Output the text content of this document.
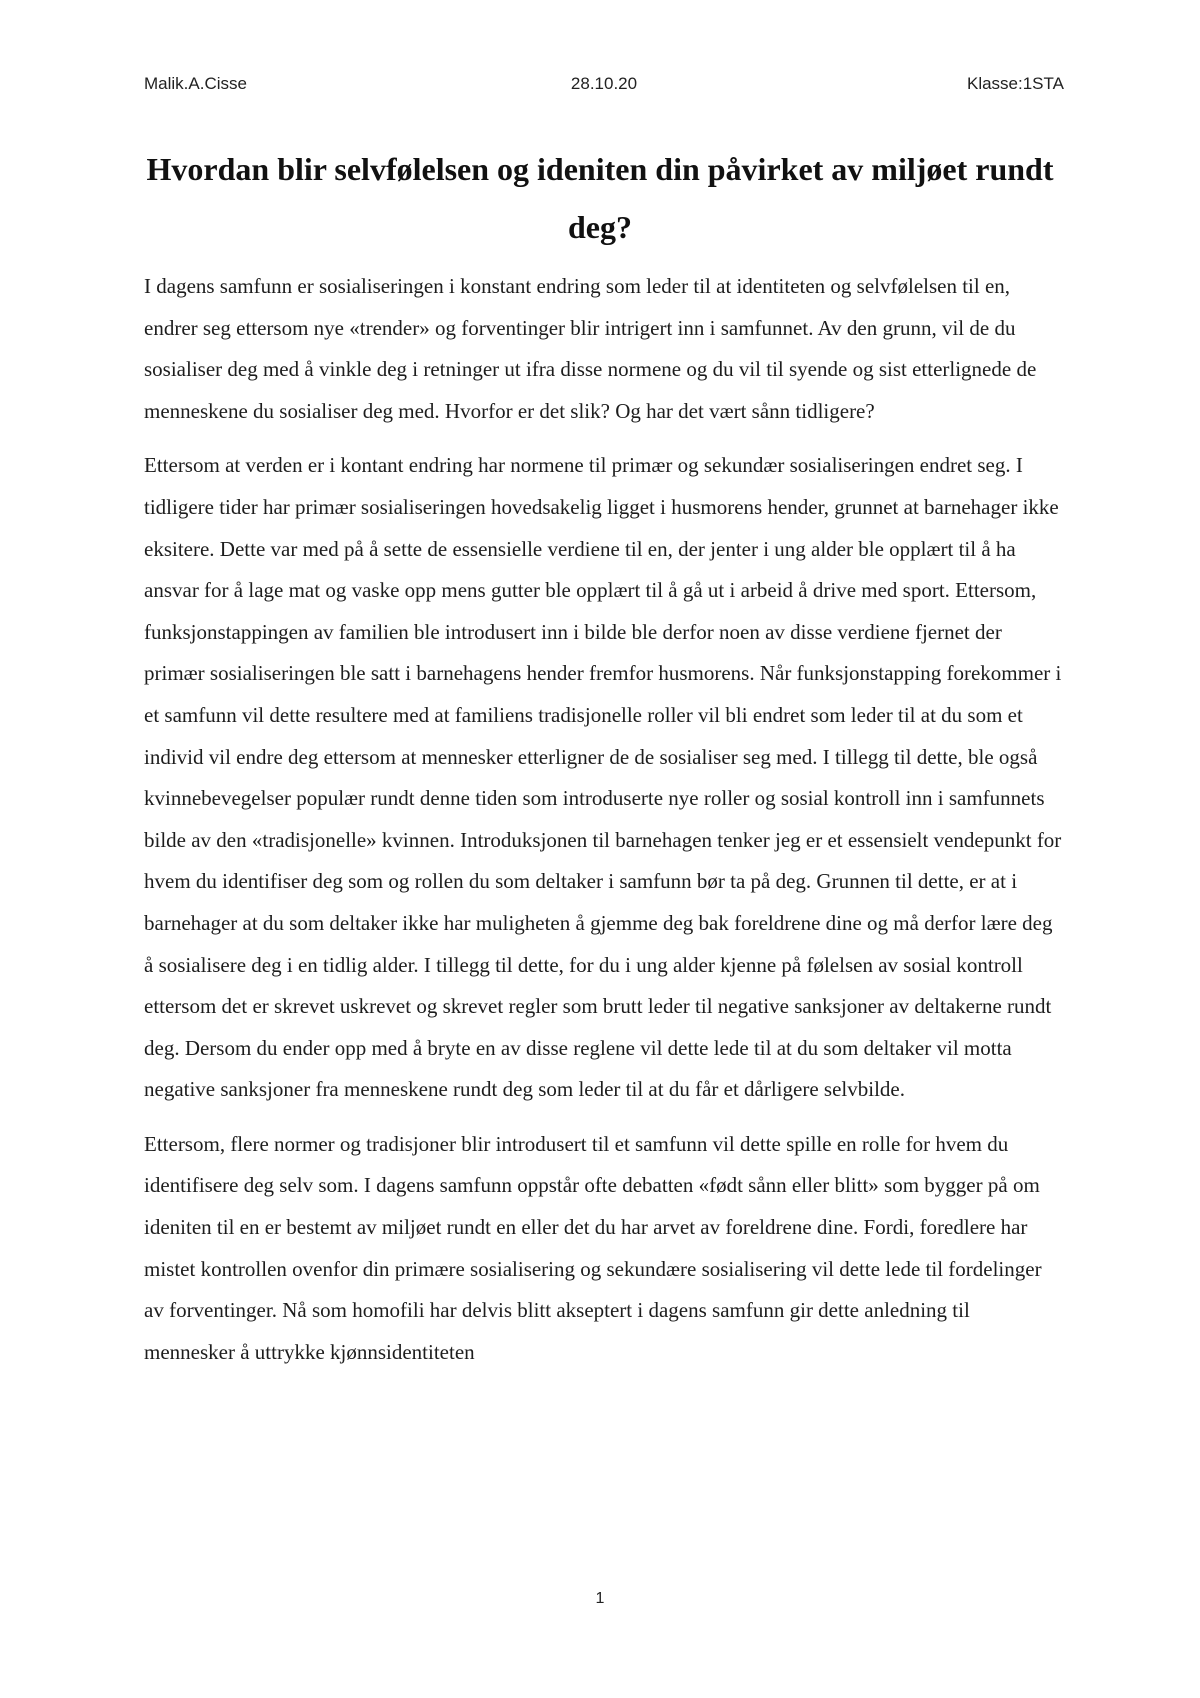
Malik.A.Cisse	28.10.20	Klasse:1STA
Hvordan blir selvfølelsen og ideniten din påvirket av miljøet rundt deg?

I dagens samfunn er sosialiseringen i konstant endring som leder til at identiteten og selvfølelsen til en, endrer seg ettersom nye «trender» og forventinger blir intrigert inn i samfunnet. Av den grunn, vil de du sosialiser deg med å vinkle deg i retninger ut ifra disse normene og du vil til syende og sist etterlignede de menneskene du sosialiser deg med. Hvorfor er det slik? Og har det vært sånn tidligere?

Ettersom at verden er i kontant endring har normene til primær og sekundær sosialiseringen endret seg. I tidligere tider har primær sosialiseringen hovedsakelig ligget i husmorens hender, grunnet at barnehager ikke eksitere. Dette var med på å sette de essensielle verdiene til en, der jenter i ung alder ble opplært til å ha ansvar for å lage mat og vaske opp mens gutter ble opplært til å gå ut i arbeid å drive med sport. Ettersom, funksjonstappingen av familien ble introdusert inn i bilde ble derfor noen av disse verdiene fjernet der primær sosialiseringen ble satt i barnehagens hender fremfor husmorens. Når funksjonstapping forekommer i et samfunn vil dette resultere med at familiens tradisjonelle roller vil bli endret som leder til at du som et individ vil endre deg ettersom at mennesker etterligner de de sosialiser seg med. I tillegg til dette, ble også kvinnebevegelser populær rundt denne tiden som introduserte nye roller og sosial kontroll inn i samfunnets bilde av den «tradisjonelle» kvinnen. Introduksjonen til barnehagen tenker jeg er et essensielt vendepunkt for hvem du identifiser deg som og rollen du som deltaker i samfunn bør ta på deg. Grunnen til dette, er at i barnehager at du som deltaker ikke har muligheten å gjemme deg bak foreldrene dine og må derfor lære deg å sosialisere deg i en tidlig alder. I tillegg til dette, for du i ung alder kjenne på følelsen av sosial kontroll ettersom det er skrevet uskrevet og skrevet regler som brutt leder til negative sanksjoner av deltakerne rundt deg. Dersom du ender opp med å bryte en av disse reglene vil dette lede til at du som deltaker vil motta negative sanksjoner fra menneskene rundt deg som leder til at du får et dårligere selvbilde.

Ettersom, flere normer og tradisjoner blir introdusert til et samfunn vil dette spille en rolle for hvem du identifisere deg selv som. I dagens samfunn oppstår ofte debatten «født sånn eller blitt» som bygger på om ideniten til en er bestemt av miljøet rundt en eller det du har arvet av foreldrene dine. Fordi, foredlere har mistet kontrollen ovenfor din primære sosialisering og sekundære sosialisering vil dette lede til fordelinger av forventinger. Nå som homofili har delvis blitt akseptert i dagens samfunn gir dette anledning til mennesker å uttrykke kjønnsidentiteten

1
